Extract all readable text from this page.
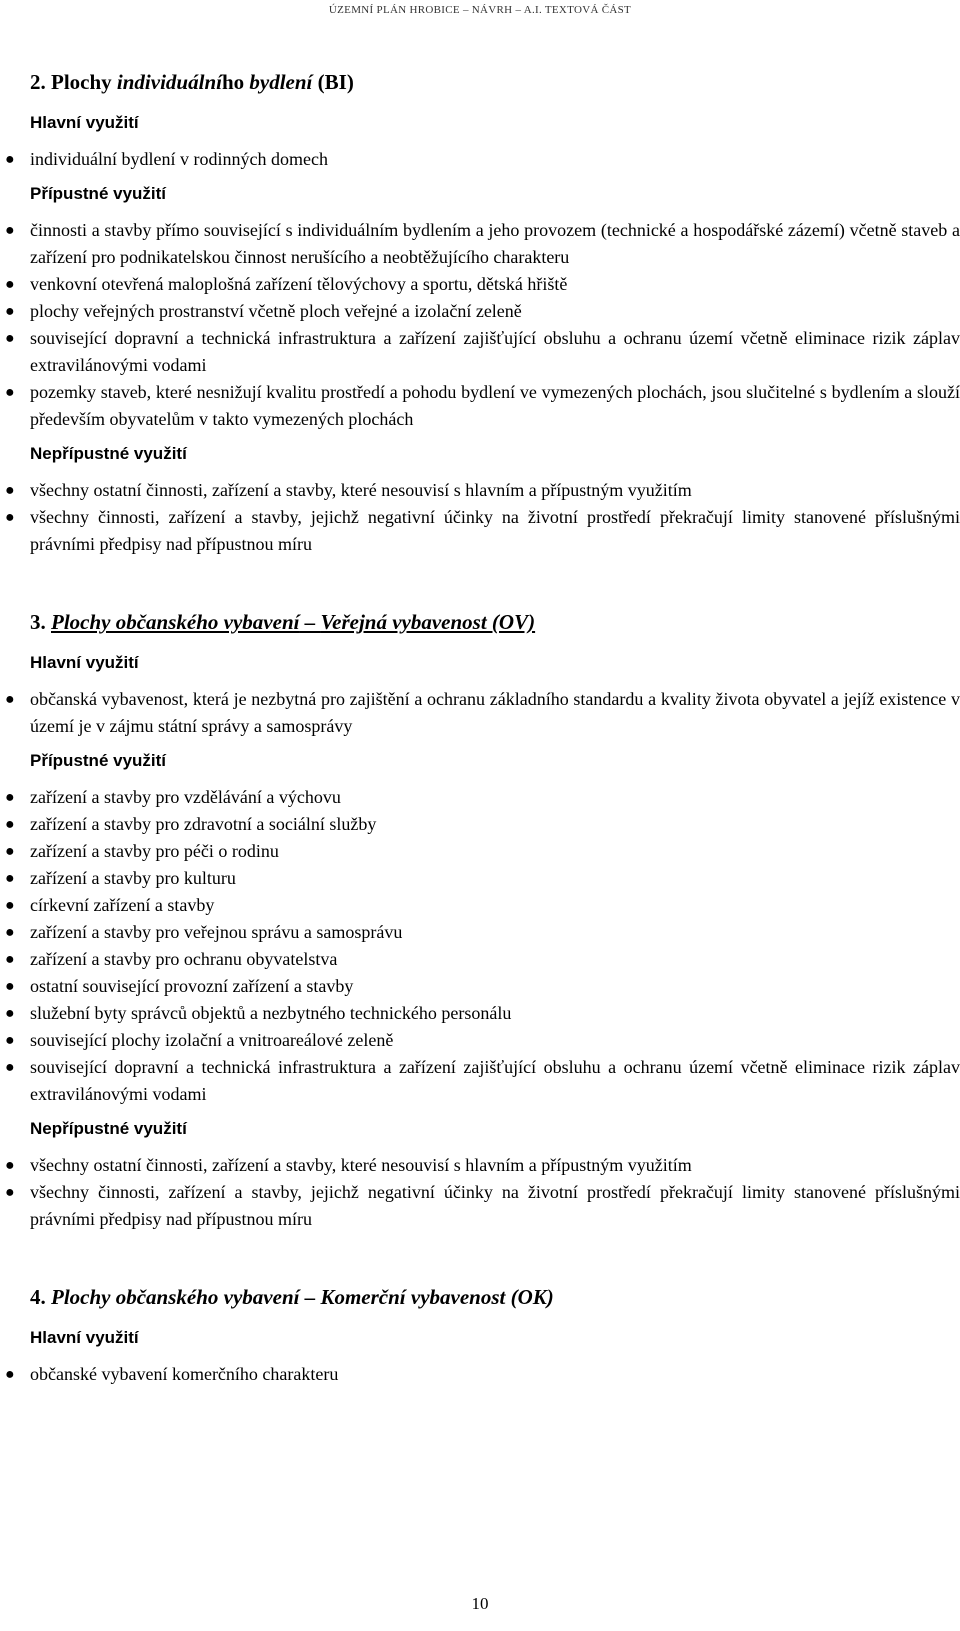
ÚZEMNÍ PLÁN HROBICE – NÁVRH – A.I. TEXTOVÁ ČÁST
2. Plochy individuálního bydlení (BI)
Hlavní využití
● individuální bydlení v rodinných domech
Přípustné využití
● činnosti a stavby přímo související s individuálním bydlením a jeho provozem (technické a hospodářské zázemí) včetně staveb a zařízení pro podnikatelskou činnost nerušícího a neobtěžujícího charakteru
● venkovní otevřená maloplošná zařízení tělovýchovy a sportu, dětská hřiště
● plochy veřejných prostranství včetně ploch veřejné a izolační zeleně
● související dopravní a technická infrastruktura a zařízení zajišťující obsluhu a ochranu území včetně eliminace rizik záplav extravilánovými vodami
● pozemky staveb, které nesnižují kvalitu prostředí a pohodu bydlení ve vymezených plochách, jsou slučitelné s bydlením a slouží především obyvatelům v takto vymezených plochách
Nepřípustné využití
● všechny ostatní činnosti, zařízení a stavby, které nesouvisí s hlavním a přípustným využitím
● všechny činnosti, zařízení a stavby, jejichž negativní účinky na životní prostředí překračují limity stanovené příslušnými právními předpisy nad přípustnou míru
3. Plochy občanského vybavení – Veřejná vybavenost (OV)
Hlavní využití
● občanská vybavenost, která je nezbytná pro zajištění a ochranu základního standardu a kvality života obyvatel a jejíž existence v území je v zájmu státní správy a samosprávy
Přípustné využití
● zařízení a stavby pro vzdělávání a výchovu
● zařízení a stavby pro zdravotní a sociální služby
● zařízení a stavby pro péči o rodinu
● zařízení a stavby pro kulturu
● církevní zařízení a stavby
● zařízení a stavby pro veřejnou správu a samosprávu
● zařízení a stavby pro ochranu obyvatelstva
● ostatní související provozní zařízení a stavby
● služební byty správců objektů a nezbytného technického personálu
● související plochy izolační a vnitroareálové zeleně
● související dopravní a technická infrastruktura a zařízení zajišťující obsluhu a ochranu území včetně eliminace rizik záplav extravilánovými vodami
Nepřípustné využití
● všechny ostatní činnosti, zařízení a stavby, které nesouvisí s hlavním a přípustným využitím
● všechny činnosti, zařízení a stavby, jejichž negativní účinky na životní prostředí překračují limity stanovené příslušnými právními předpisy nad přípustnou míru
4. Plochy občanského vybavení – Komerční vybavenost (OK)
Hlavní využití
● občanské vybavení komerčního charakteru
10
